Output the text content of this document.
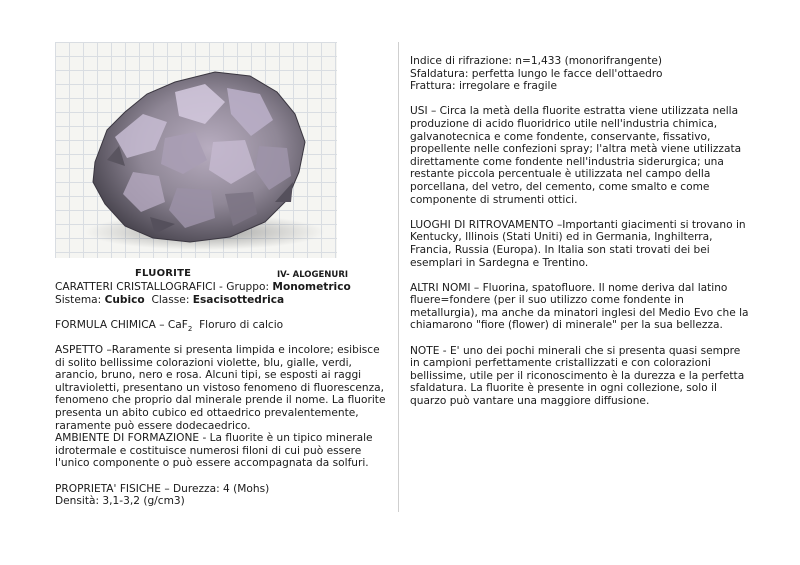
FLUORITE	IV- ALOGENURI

CARATTERI CRISTALLOGRAFICI - Gruppo: Monometrico

Sistema: Cubico  Classe: Esacisottedrica

FORMULA CHIMICA – CaF$_2$  Floruro di calcio

ASPETTO –Raramente si presenta limpida e incolore; esibisce di solito bellissime colorazioni violette, blu, gialle, verdi, arancio, bruno, nero e rosa. Alcuni tipi, se esposti ai raggi ultravioletti, presentano un vistoso fenomeno di fluorescenza, fenomeno che proprio dal minerale prende il nome. La fluorite presenta un abito cubico ed ottaedrico prevalentemente, raramente può essere dodecaedrico.

AMBIENTE DI FORMAZIONE - La fluorite è un tipico minerale idrotermale e costituisce numerosi filoni di cui può essere l'unico componente o può essere accompagnata da solfuri.

PROPRIETA' FISICHE – Durezza: 4 (Mohs)

Densità: 3,1-3,2 (g/cm3)

Indice di rifrazione: n=1,433 (monorifrangente)

Sfaldatura: perfetta lungo le facce dell'ottaedro

Frattura: irregolare e fragile

USI – Circa la metà della fluorite estratta viene utilizzata nella produzione di acido fluoridrico utile nell'industria chimica, galvanotecnica e come fondente, conservante, fissativo, propellente nelle confezioni spray; l'altra metà viene utilizzata direttamente come fondente nell'industria siderurgica; una restante piccola percentuale è utilizzata nel campo della porcellana, del vetro, del cemento, come smalto e come componente di strumenti ottici.

LUOGHI DI RITROVAMENTO –Importanti giacimenti si trovano in Kentucky, Illinois (Stati Uniti) ed in Germania, Inghilterra, Francia, Russia (Europa). In Italia son stati trovati dei bei esemplari in Sardegna e Trentino.

ALTRI NOMI – Fluorina, spatofluore. Il nome deriva dal latino fluere=fondere (per il suo utilizzo come fondente in metallurgia), ma anche da minatori inglesi del Medio Evo che la chiamarono "fiore (flower) di minerale" per la sua bellezza.

NOTE - E' uno dei pochi minerali che si presenta quasi sempre in campioni perfettamente cristallizzati e con colorazioni bellissime, utile per il riconoscimento è la durezza e la perfetta sfaldatura. La fluorite è presente in ogni collezione, solo il quarzo può vantare una maggiore diffusione.
